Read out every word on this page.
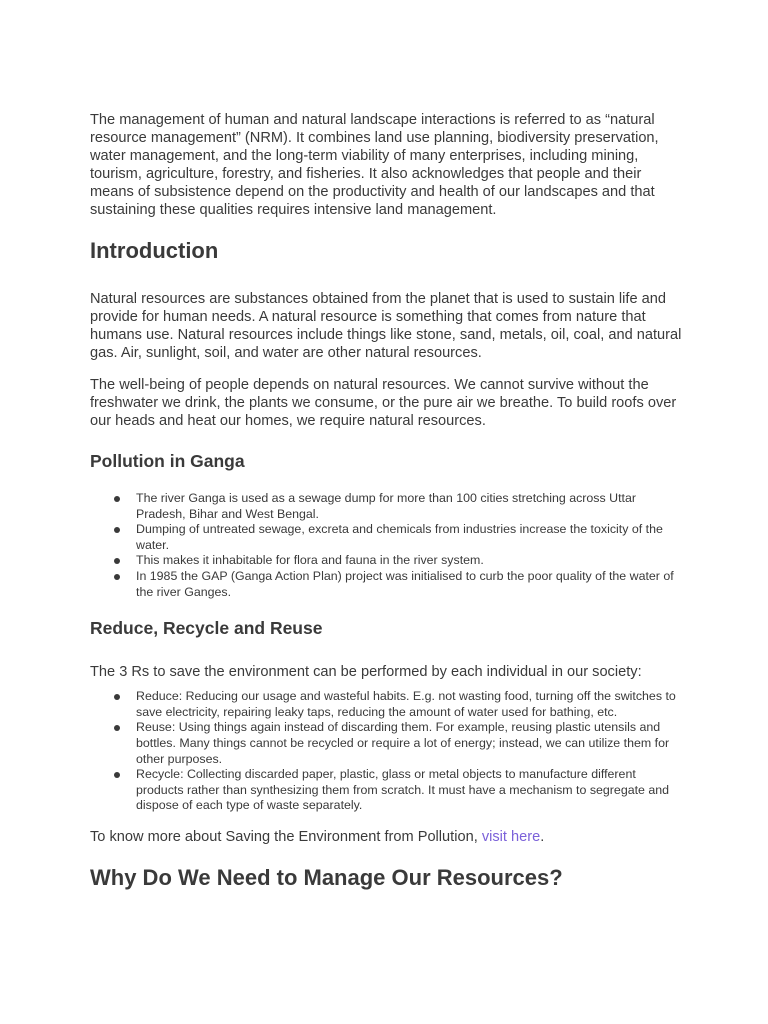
The management of human and natural landscape interactions is referred to as “natural resource management” (NRM). It combines land use planning, biodiversity preservation, water management, and the long-term viability of many enterprises, including mining, tourism, agriculture, forestry, and fisheries. It also acknowledges that people and their means of subsistence depend on the productivity and health of our landscapes and that sustaining these qualities requires intensive land management.

Introduction

Natural resources are substances obtained from the planet that is used to sustain life and provide for human needs. A natural resource is something that comes from nature that humans use. Natural resources include things like stone, sand, metals, oil, coal, and natural gas. Air, sunlight, soil, and water are other natural resources.

The well-being of people depends on natural resources. We cannot survive without the freshwater we drink, the plants we consume, or the pure air we breathe. To build roofs over our heads and heat our homes, we require natural resources.

Pollution in Ganga
The river Ganga is used as a sewage dump for more than 100 cities stretching across Uttar Pradesh, Bihar and West Bengal.
Dumping of untreated sewage, excreta and chemicals from industries increase the toxicity of the water.
This makes it inhabitable for flora and fauna in the river system.
In 1985 the GAP (Ganga Action Plan) project was initialised to curb the poor quality of the water of the river Ganges.
Reduce, Recycle and Reuse

The 3 Rs to save the environment can be performed by each individual in our society:

Reduce: Reducing our usage and wasteful habits. E.g. not wasting food, turning off the switches to save electricity, repairing leaky taps, reducing the amount of water used for bathing, etc.
Reuse: Using things again instead of discarding them. For example, reusing plastic utensils and bottles. Many things cannot be recycled or require a lot of energy; instead, we can utilize them for other purposes.
Recycle: Collecting discarded paper, plastic, glass or metal objects to manufacture different products rather than synthesizing them from scratch. It must have a mechanism to segregate and dispose of each type of waste separately.

To know more about Saving the Environment from Pollution, visit here.

Why Do We Need to Manage Our Resources?
